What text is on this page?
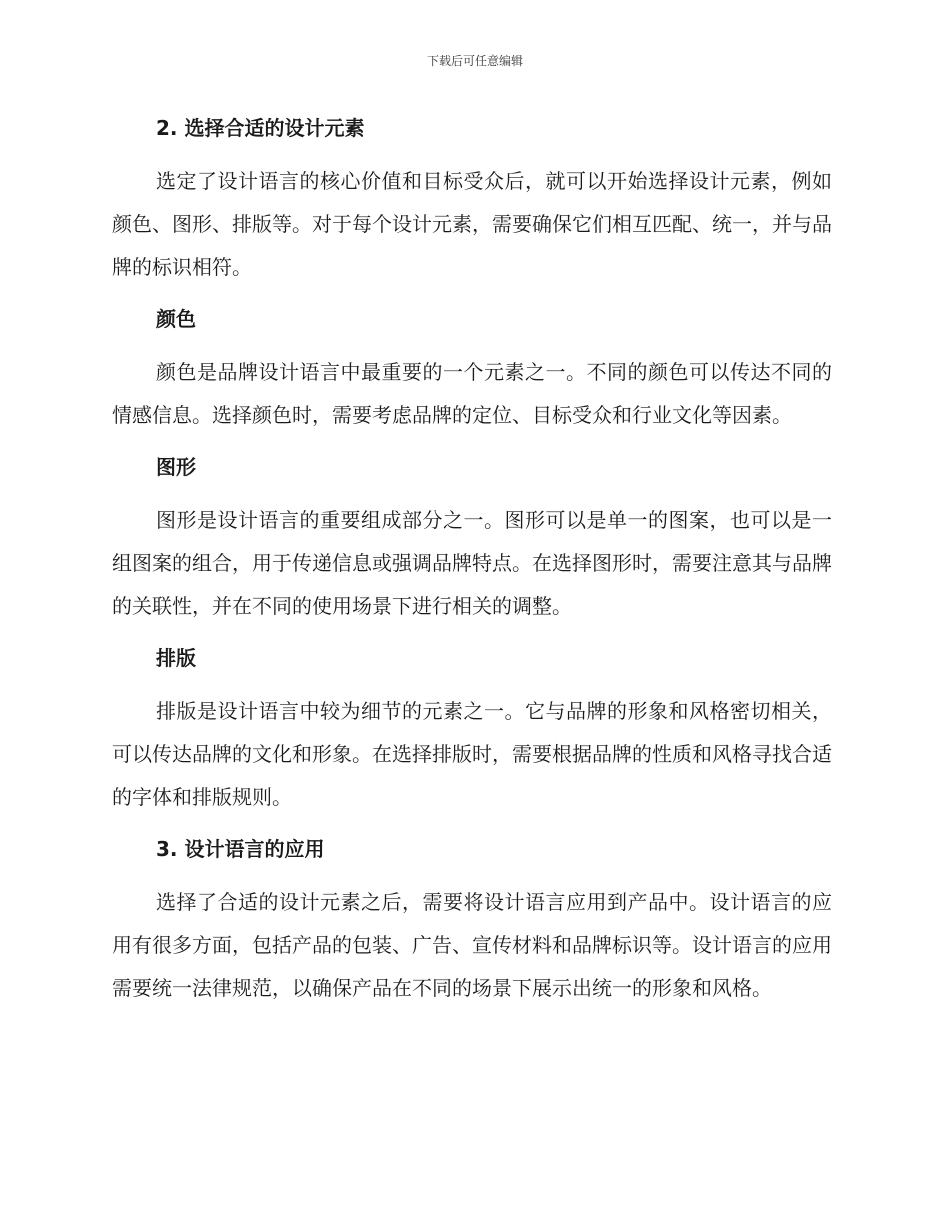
下载后可任意编辑
2. 选择合适的设计元素

选定了设计语言的核心价值和目标受众后，就可以开始选择设计元素，例如颜色、图形、排版等。对于每个设计元素，需要确保它们相互匹配、统一，并与品牌的标识相符。

颜色

颜色是品牌设计语言中最重要的一个元素之一。不同的颜色可以传达不同的情感信息。选择颜色时，需要考虑品牌的定位、目标受众和行业文化等因素。

图形

图形是设计语言的重要组成部分之一。图形可以是单一的图案，也可以是一组图案的组合，用于传递信息或强调品牌特点。在选择图形时，需要注意其与品牌的关联性，并在不同的使用场景下进行相关的调整。

排版

排版是设计语言中较为细节的元素之一。它与品牌的形象和风格密切相关，可以传达品牌的文化和形象。在选择排版时，需要根据品牌的性质和风格寻找合适的字体和排版规则。

3. 设计语言的应用

选择了合适的设计元素之后，需要将设计语言应用到产品中。设计语言的应用有很多方面，包括产品的包装、广告、宣传材料和品牌标识等。设计语言的应用需要统一法律规范，以确保产品在不同的场景下展示出统一的形象和风格。
